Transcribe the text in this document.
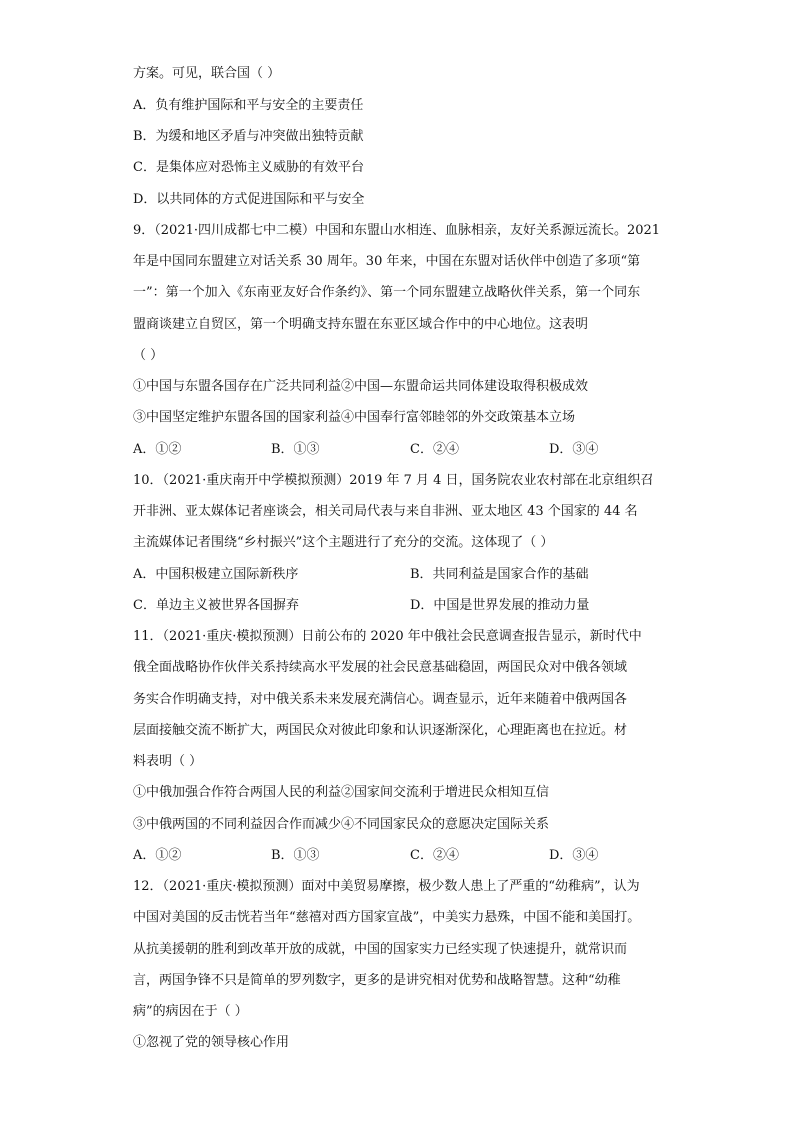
方案。可见，联合国（ ）
A．负有维护国际和平与安全的主要责任
B．为缓和地区矛盾与冲突做出独特贡献
C．是集体应对恐怖主义威胁的有效平台
D．以共同体的方式促进国际和平与安全
9．（2021·四川成都七中二模）中国和东盟山水相连、血脉相亲，友好关系源远流长。2021
年是中国同东盟建立对话关系 30 周年。30 年来，中国在东盟对话伙伴中创造了多项“第
一”：第一个加入《东南亚友好合作条约》、第一个同东盟建立战略伙伴关系，第一个同东
盟商谈建立自贸区，第一个明确支持东盟在东亚区域合作中的中心地位。这表明
（ ）
①中国与东盟各国存在广泛共同利益②中国—东盟命运共同体建设取得积极成效
③中国坚定维护东盟各国的国家利益④中国奉行富邻睦邻的外交政策基本立场
A．①②	B．①③	C．②④	D．③④
10．（2021·重庆南开中学模拟预测）2019 年 7 月 4 日，国务院农业农村部在北京组织召
开非洲、亚太媒体记者座谈会，相关司局代表与来自非洲、亚太地区 43 个国家的 44 名
主流媒体记者围绕“乡村振兴”这个主题进行了充分的交流。这体现了（ ）
A．中国积极建立国际新秩序	B．共同利益是国家合作的基础
C．单边主义被世界各国摒弃	D．中国是世界发展的推动力量
11．（2021·重庆·模拟预测）日前公布的 2020 年中俄社会民意调查报告显示，新时代中
俄全面战略协作伙伴关系持续高水平发展的社会民意基础稳固，两国民众对中俄各领域
务实合作明确支持，对中俄关系未来发展充满信心。调查显示，近年来随着中俄两国各
层面接触交流不断扩大，两国民众对彼此印象和认识逐渐深化，心理距离也在拉近。材
料表明（ ）
①中俄加强合作符合两国人民的利益②国家间交流利于增进民众相知互信
③中俄两国的不同利益因合作而减少④不同国家民众的意愿决定国际关系
A．①②	B．①③	C．②④	D．③④
12．（2021·重庆·模拟预测）面对中美贸易摩擦，极少数人患上了严重的“幼稚病”，认为
中国对美国的反击恍若当年“慈禧对西方国家宣战”，中美实力悬殊，中国不能和美国打。
从抗美援朝的胜利到改革开放的成就，中国的国家实力已经实现了快速提升，就常识而
言，两国争锋不只是简单的罗列数字，更多的是讲究相对优势和战略智慧。这种“幼稚
病”的病因在于（ ）
①忽视了党的领导核心作用
